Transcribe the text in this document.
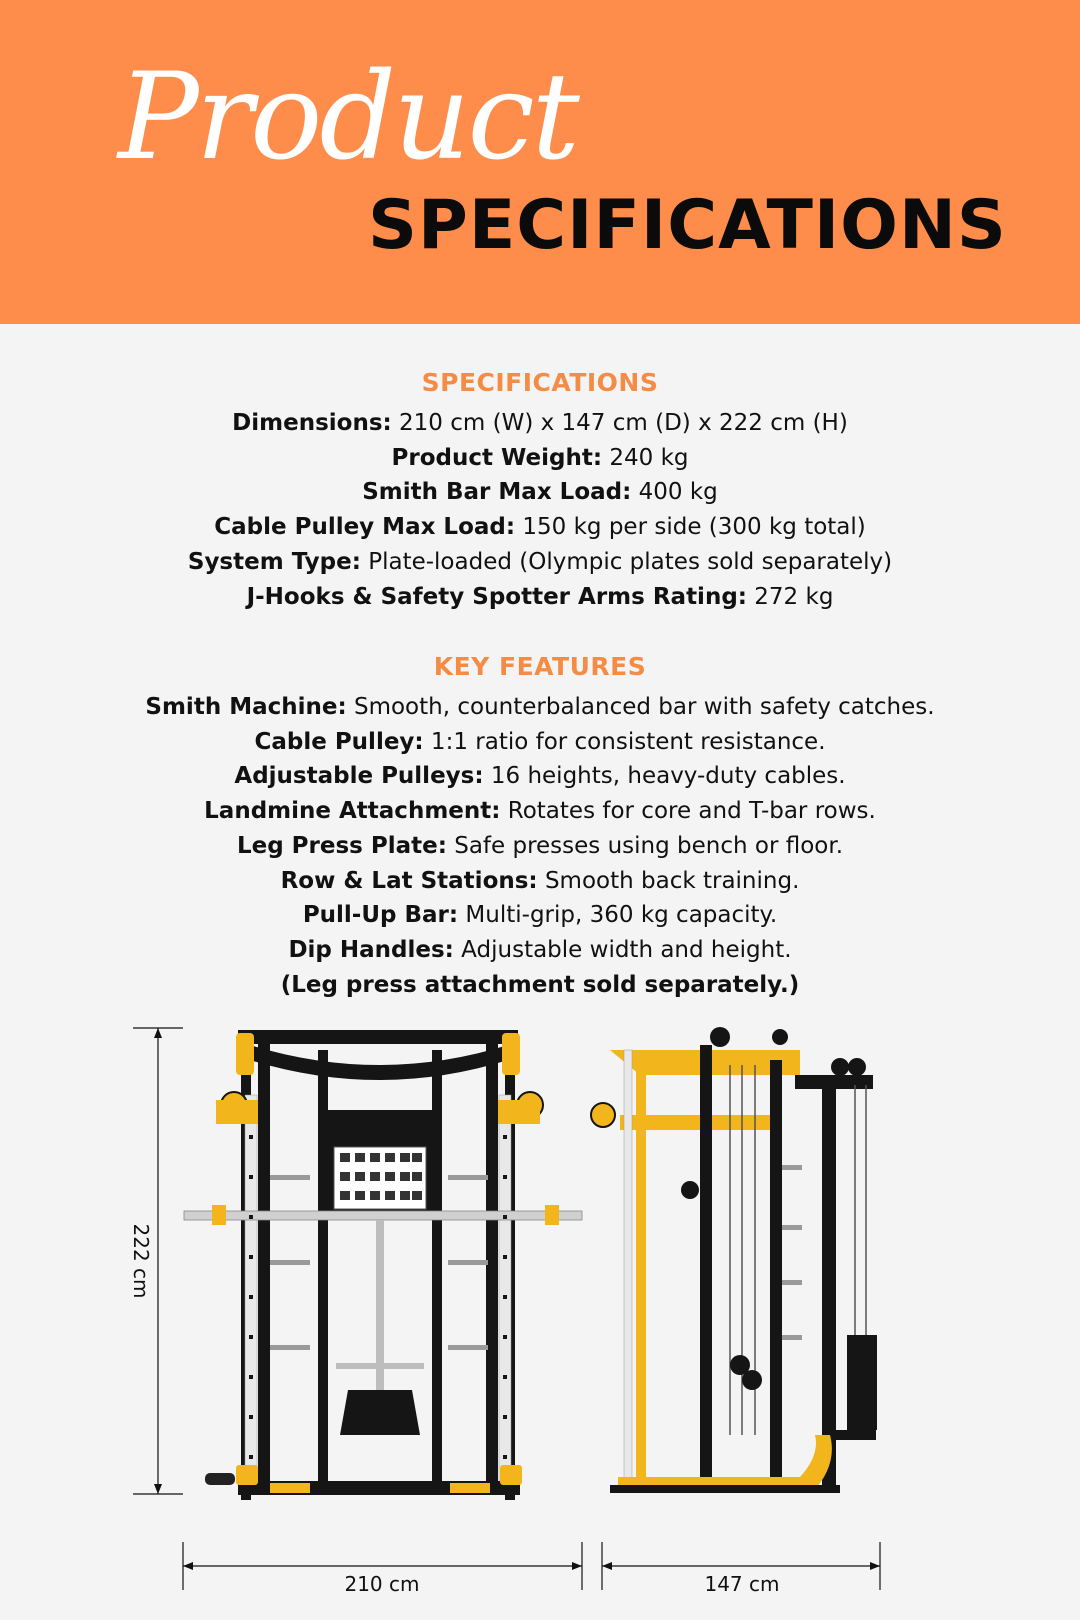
Product
SPECIFICATIONS
SPECIFICATIONS
Dimensions: 210 cm (W) x 147 cm (D) x 222 cm (H)
Product Weight: 240 kg
Smith Bar Max Load: 400 kg
Cable Pulley Max Load: 150 kg per side (300 kg total)
System Type: Plate-loaded (Olympic plates sold separately)
J-Hooks & Safety Spotter Arms Rating: 272 kg
KEY FEATURES
Smith Machine: Smooth, counterbalanced bar with safety catches.
Cable Pulley: 1:1 ratio for consistent resistance.
Adjustable Pulleys: 16 heights, heavy-duty cables.
Landmine Attachment: Rotates for core and T-bar rows.
Leg Press Plate: Safe presses using bench or floor.
Row & Lat Stations: Smooth back training.
Pull-Up Bar: Multi-grip, 360 kg capacity.
Dip Handles: Adjustable width and height.
(Leg press attachment sold separately.)
222 cm
210 cm	147 cm
